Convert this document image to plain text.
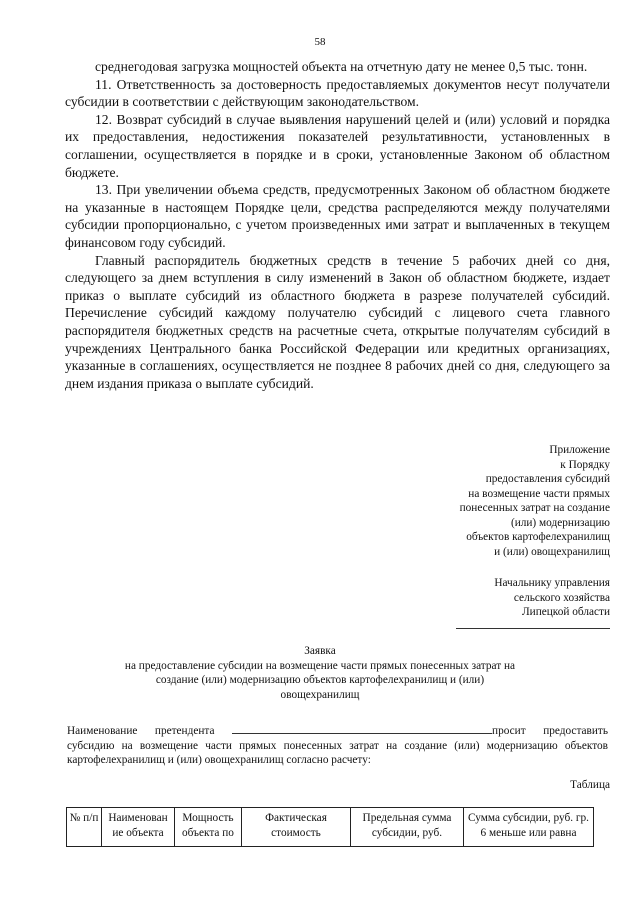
58

среднегодовая загрузка мощностей объекта на отчетную дату не менее 0,5 тыс. тонн.

11. Ответственность за достоверность предоставляемых документов несут получатели субсидии в соответствии с действующим законодательством.

12. Возврат субсидий в случае выявления нарушений целей и (или) условий и порядка их предоставления, недостижения показателей результативности, установленных в соглашении, осуществляется в порядке и в сроки, установленные Законом об областном бюджете.

13. При увеличении объема средств, предусмотренных Законом об областном бюджете на указанные в настоящем Порядке цели, средства распределяются между получателями субсидии пропорционально, с учетом произведенных ими затрат и выплаченных в текущем финансовом году субсидий.

Главный распорядитель бюджетных средств в течение 5 рабочих дней со дня, следующего за днем вступления в силу изменений в Закон об областном бюджете, издает приказ о выплате субсидий из областного бюджета в разрезе получателей субсидий. Перечисление субсидий каждому получателю субсидий с лицевого счета главного распорядителя бюджетных средств на расчетные счета, открытые получателям субсидий в учреждениях Центрального банка Российской Федерации или кредитных организациях, указанные в соглашениях, осуществляется не позднее 8 рабочих дней со дня, следующего за днем издания приказа о выплате субсидий.

Приложение
к Порядку
предоставления субсидий
на возмещение части прямых
понесенных затрат на создание
(или) модернизацию
объектов картофелехранилищ
и (или) овощехранилищ
Начальнику управления
сельского хозяйства
Липецкой области
Заявка
на предоставление субсидии на возмещение части прямых понесенных затрат на
создание (или) модернизацию объектов картофелехранилищ и (или)
овощехранилищ
Наименование претендента	просит предоставить субсидию на возмещение части прямых понесенных затрат на создание (или) модернизацию объектов картофелехранилищ и (или) овощехранилищ согласно расчету:
Таблица
№ п/п	Наименован ие объекта	Мощность объекта по	Фактическая стоимость	Предельная сумма субсидии, руб.	Сумма субсидии, руб. гр. 6 меньше или равна
